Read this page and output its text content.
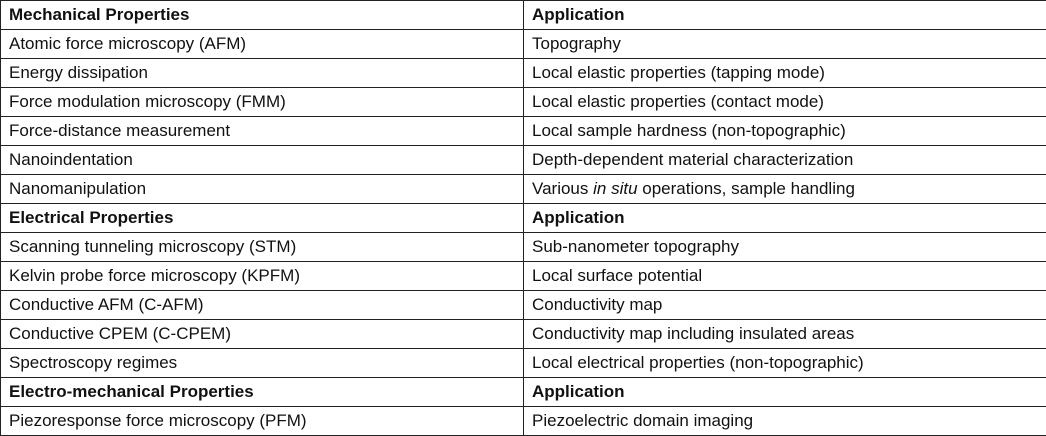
Mechanical Properties	Application
Atomic force microscopy (AFM)	Topography
Energy dissipation	Local elastic properties (tapping mode)
Force modulation microscopy (FMM)	Local elastic properties (contact mode)
Force-distance measurement	Local sample hardness (non-topographic)
Nanoindentation	Depth-dependent material characterization
Nanomanipulation	Various in situ operations, sample handling
Electrical Properties	Application
Scanning tunneling microscopy (STM)	Sub-nanometer topography
Kelvin probe force microscopy (KPFM)	Local surface potential
Conductive AFM (C-AFM)	Conductivity map
Conductive CPEM (C-CPEM)	Conductivity map including insulated areas
Spectroscopy regimes	Local electrical properties (non-topographic)
Electro-mechanical Properties	Application
Piezoresponse force microscopy (PFM)	Piezoelectric domain imaging
